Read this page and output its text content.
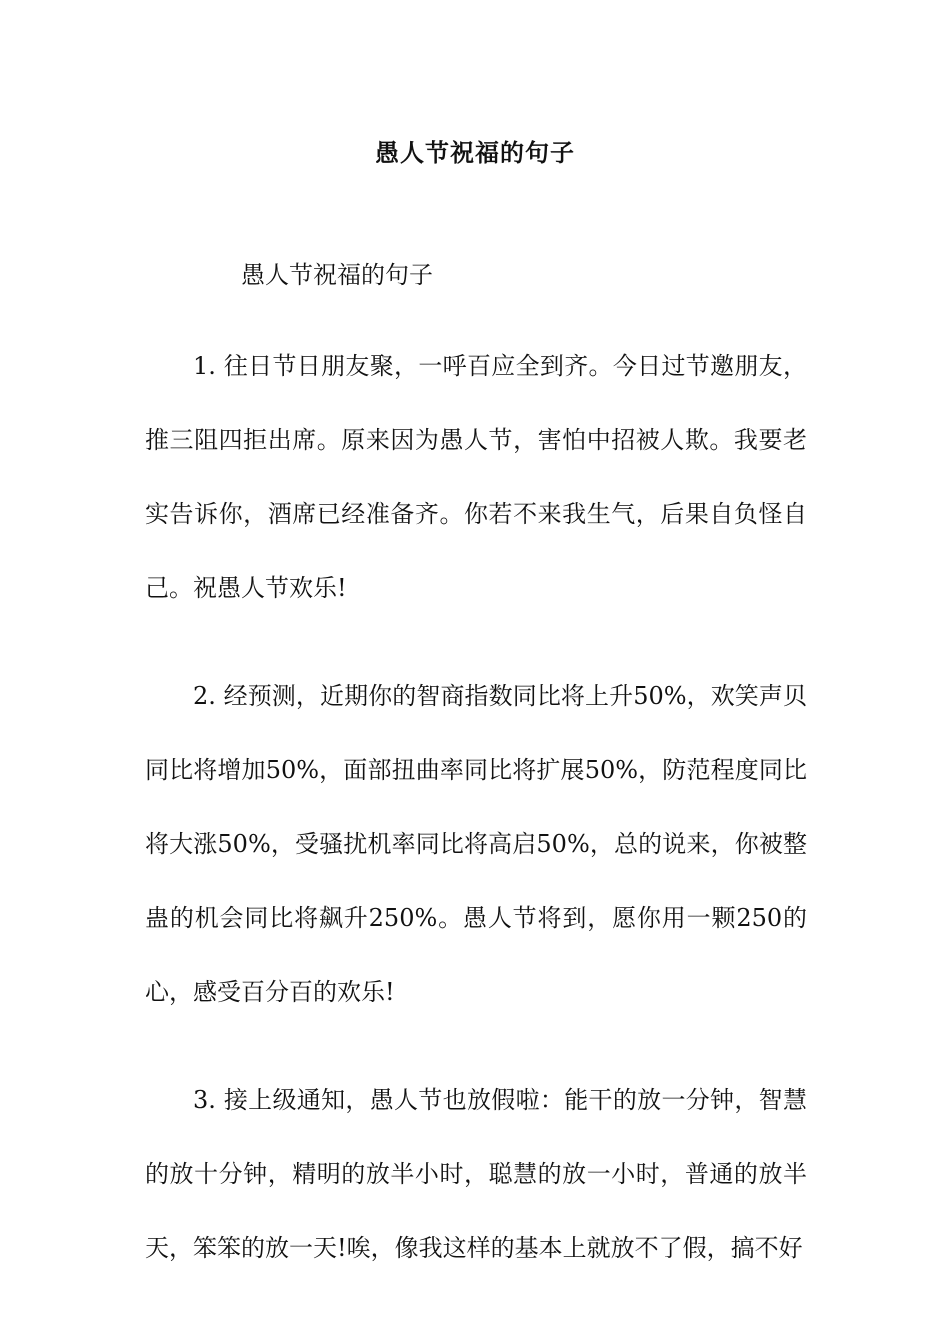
愚人节祝福的句子

愚人节祝福的句子

1. 往日节日朋友聚，一呼百应全到齐。今日过节邀朋友，推三阻四拒出席。原来因为愚人节，害怕中招被人欺。我要老实告诉你，酒席已经准备齐。你若不来我生气，后果自负怪自己。祝愚人节欢乐!

2. 经预测，近期你的智商指数同比将上升50%，欢笑声贝同比将增加50%，面部扭曲率同比将扩展50%，防范程度同比将大涨50%，受骚扰机率同比将高启50%，总的说来，你被整蛊的机会同比将飙升250%。愚人节将到，愿你用一颗250的心，感受百分百的欢乐!

3. 接上级通知，愚人节也放假啦：能干的放一分钟，智慧的放十分钟，精明的放半小时，聪慧的放一小时，普通的放半天，笨笨的放一天!唉，像我这样的基本上就放不了假，搞不好
